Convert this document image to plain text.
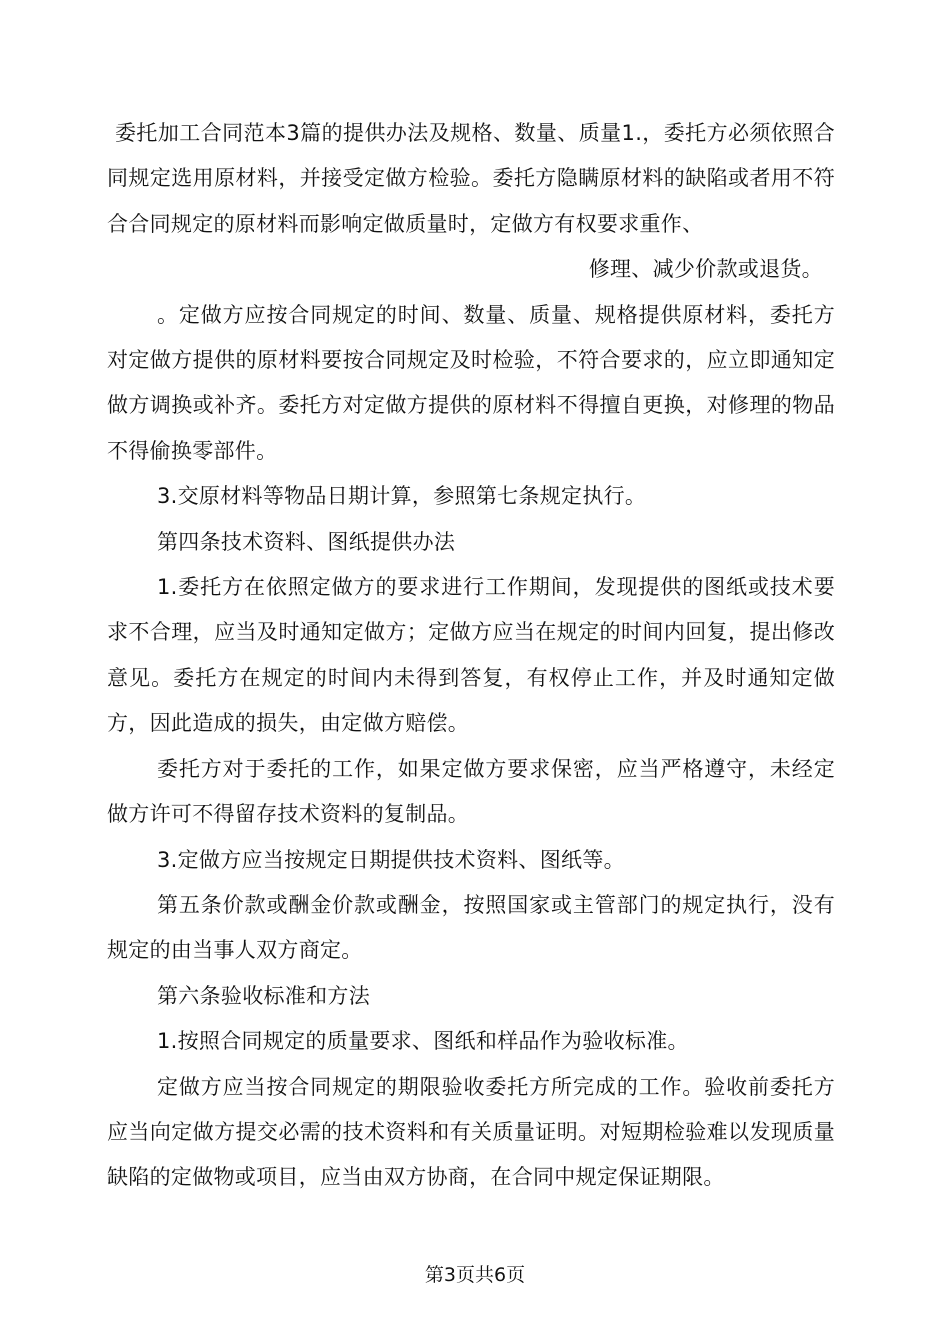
委托加工合同范本3篇的提供办法及规格、数量、质量1.，委托方必须依照合同规定选用原材料，并接受定做方检验。委托方隐瞒原材料的缺陷或者用不符合合同规定的原材料而影响定做质量时，定做方有权要求重作、

修理、减少价款或退货。

。定做方应按合同规定的时间、数量、质量、规格提供原材料，委托方对定做方提供的原材料要按合同规定及时检验，不符合要求的，应立即通知定做方调换或补齐。委托方对定做方提供的原材料不得擅自更换，对修理的物品不得偷换零部件。

3.交原材料等物品日期计算，参照第七条规定执行。

第四条技术资料、图纸提供办法

1.委托方在依照定做方的要求进行工作期间，发现提供的图纸或技术要求不合理，应当及时通知定做方；定做方应当在规定的时间内回复，提出修改意见。委托方在规定的时间内未得到答复，有权停止工作，并及时通知定做方，因此造成的损失，由定做方赔偿。

委托方对于委托的工作，如果定做方要求保密，应当严格遵守，未经定做方许可不得留存技术资料的复制品。

3.定做方应当按规定日期提供技术资料、图纸等。

第五条价款或酬金价款或酬金，按照国家或主管部门的规定执行，没有规定的由当事人双方商定。

第六条验收标准和方法

1.按照合同规定的质量要求、图纸和样品作为验收标准。

定做方应当按合同规定的期限验收委托方所完成的工作。验收前委托方应当向定做方提交必需的技术资料和有关质量证明。对短期检验难以发现质量缺陷的定做物或项目，应当由双方协商，在合同中规定保证期限。

第3页共6页
